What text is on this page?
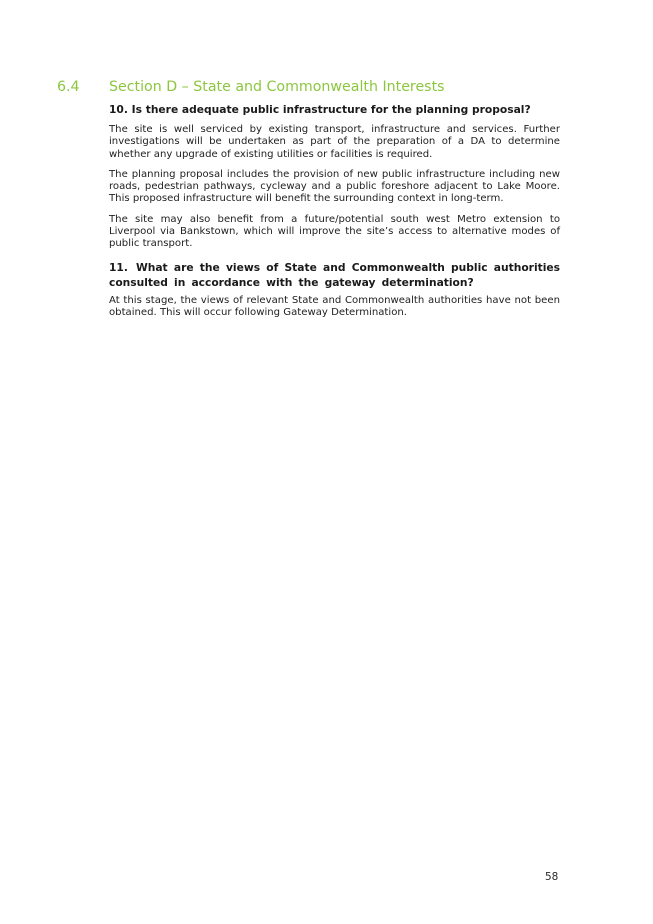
6.4 Section D – State and Commonwealth Interests
10. Is there adequate public infrastructure for the planning proposal?

The site is well serviced by existing transport, infrastructure and services. Further investigations will be undertaken as part of the preparation of a DA to determine whether any upgrade of existing utilities or facilities is required.

The planning proposal includes the provision of new public infrastructure including new roads, pedestrian pathways, cycleway and a public foreshore adjacent to Lake Moore. This proposed infrastructure will benefit the surrounding context in long-term.

The site may also benefit from a future/potential south west Metro extension to Liverpool via Bankstown, which will improve the site’s access to alternative modes of public transport.

11. What are the views of State and Commonwealth public authorities consulted in accordance with the gateway determination?

At this stage, the views of relevant State and Commonwealth authorities have not been obtained. This will occur following Gateway Determination.

58
